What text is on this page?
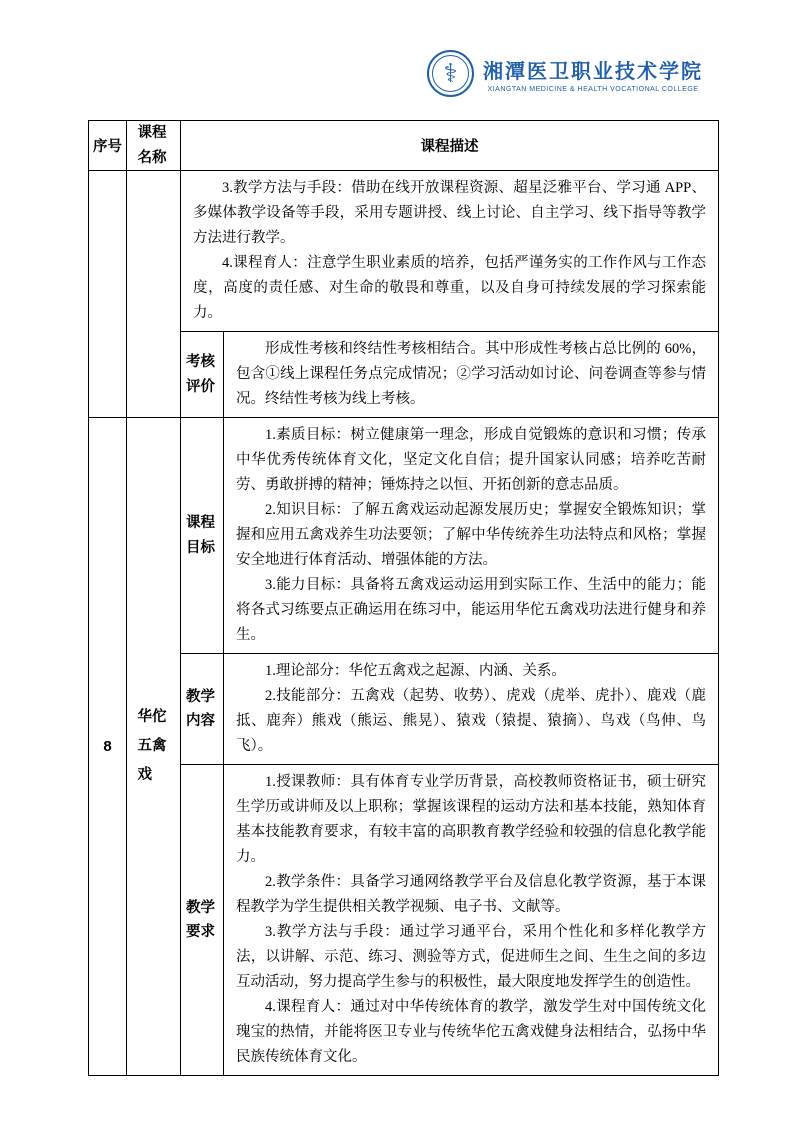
⚕	湘潭医卫职业技术学院
XIANGTAN MEDICINE & HEALTH VOCATIONAL COLLEGE
序号	课程名称	课程描述	

		3.教学方法与手段：借助在线开放课程资源、超星泛雅平台、学习通 APP、多媒体教学设备等手段，采用专题讲授、线上讨论、自主学习、线下指导等教学方法进行教学。

4.课程育人：注意学生职业素质的培养，包括严谨务实的工作作风与工作态度，高度的责任感、对生命的敬畏和尊重，以及自身可持续发展的学习探索能力。	

		考核评价	形成性考核和终结性考核相结合。其中形成性考核占总比例的 60%，包含①线上课程任务点完成情况；②学习活动如讨论、问卷调查等参与情况。终结性考核为线上考核。

8	华佗五禽戏	课程目标	1.素质目标：树立健康第一理念，形成自觉锻炼的意识和习惯；传承中华优秀传统体育文化，坚定文化自信；提升国家认同感；培养吃苦耐劳、勇敢拼搏的精神；锤炼持之以恒、开拓创新的意志品质。

2.知识目标：了解五禽戏运动起源发展历史；掌握安全锻炼知识；掌握和应用五禽戏养生功法要领；了解中华传统养生功法特点和风格；掌握安全地进行体育活动、增强体能的方法。

3.能力目标：具备将五禽戏运动运用到实际工作、生活中的能力；能将各式习练要点正确运用在练习中，能运用华佗五禽戏功法进行健身和养生。

		教学内容	1.理论部分：华佗五禽戏之起源、内涵、关系。

2.技能部分：五禽戏（起势、收势）、虎戏（虎举、虎扑）、鹿戏（鹿抵、鹿奔）熊戏（熊运、熊晃）、猿戏（猿提、猿摘）、鸟戏（鸟伸、鸟飞）。

		教学要求	1.授课教师：具有体育专业学历背景，高校教师资格证书，硕士研究生学历或讲师及以上职称；掌握该课程的运动方法和基本技能，熟知体育基本技能教育要求，有较丰富的高职教育教学经验和较强的信息化教学能力。

2.教学条件：具备学习通网络教学平台及信息化教学资源，基于本课程教学为学生提供相关教学视频、电子书、文献等。

3.教学方法与手段：通过学习通平台，采用个性化和多样化教学方法，以讲解、示范、练习、测验等方式，促进师生之间、生生之间的多边互动活动，努力提高学生参与的积极性，最大限度地发挥学生的创造性。

4.课程育人：通过对中华传统体育的教学，激发学生对中国传统文化瑰宝的热情，并能将医卫专业与传统华佗五禽戏健身法相结合，弘扬中华民族传统体育文化。
